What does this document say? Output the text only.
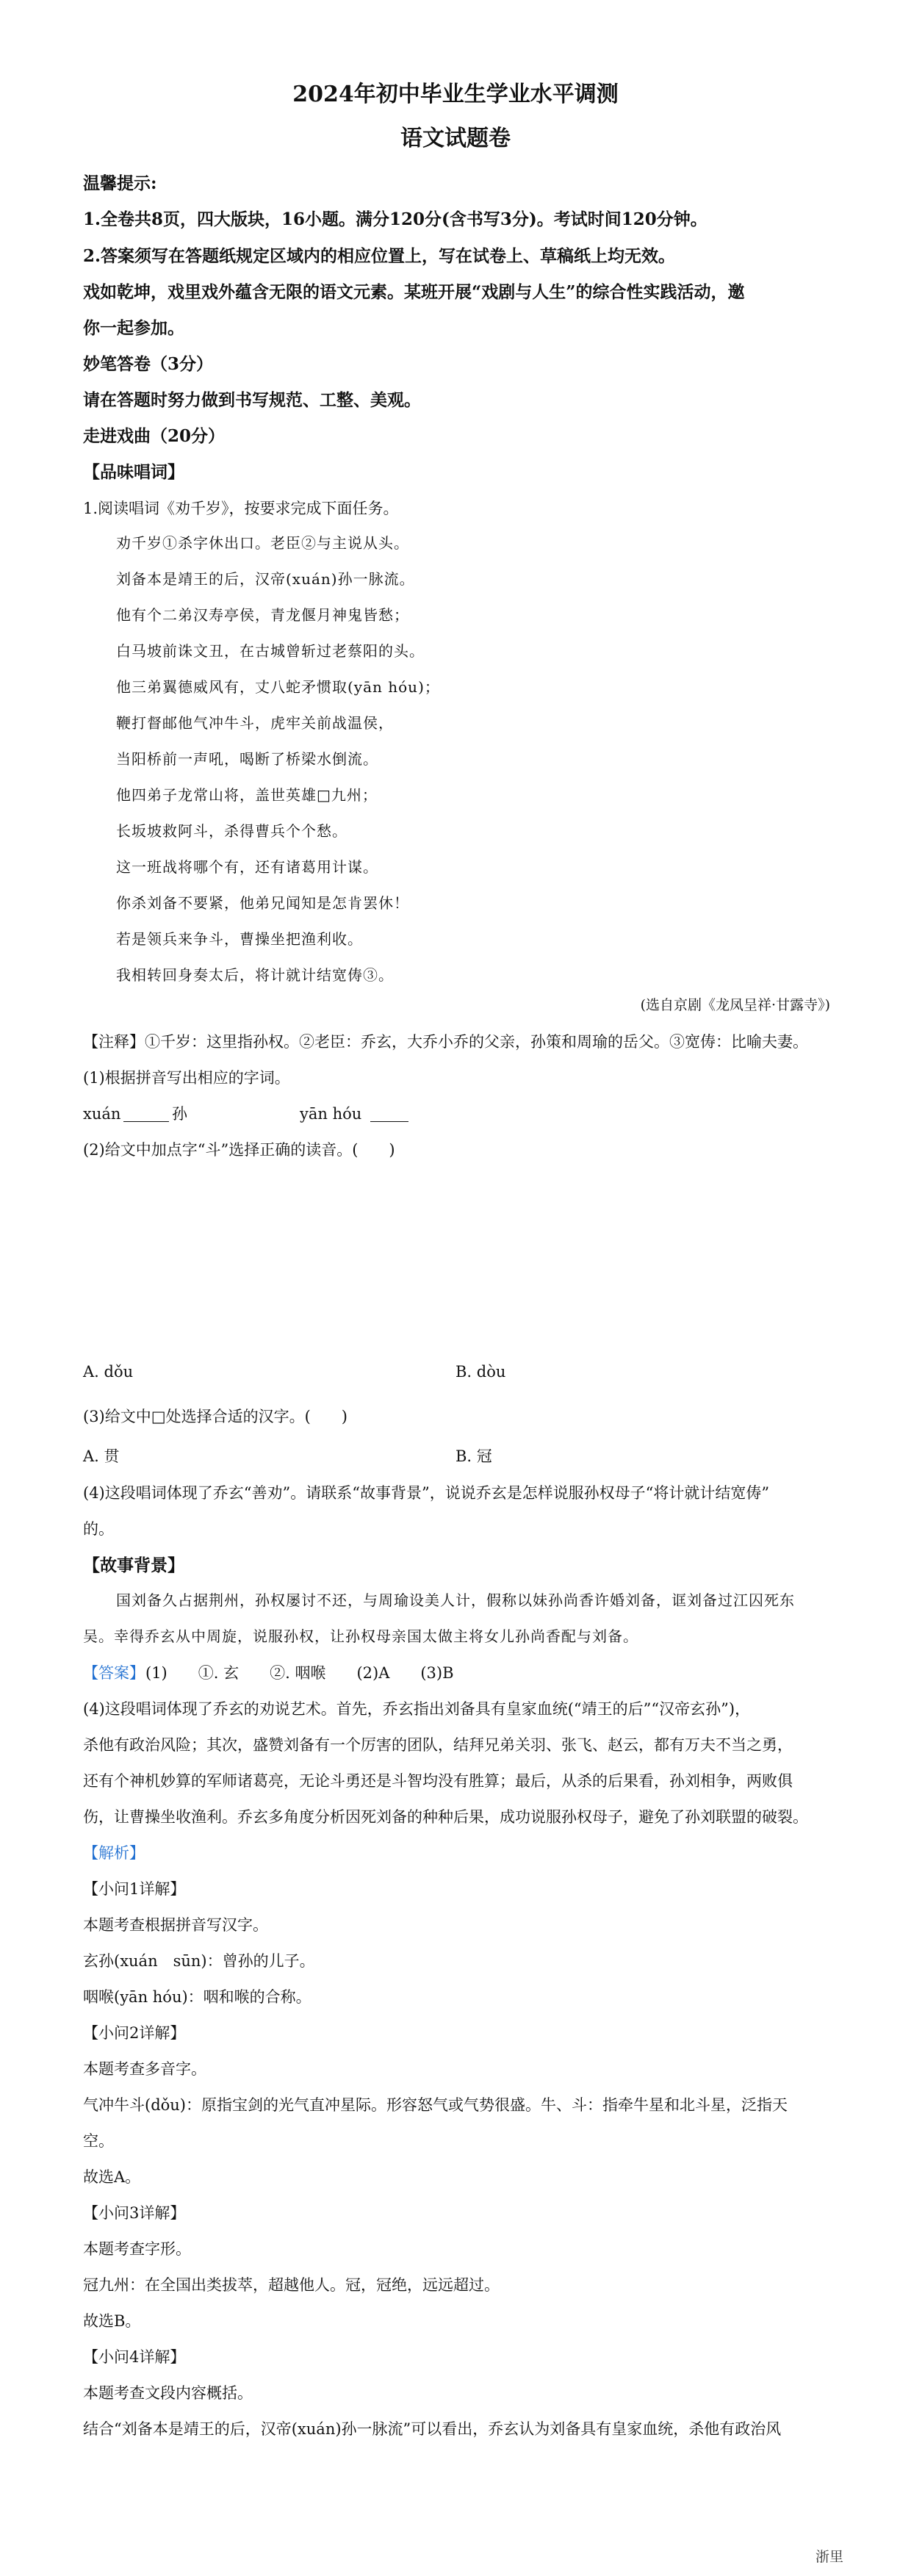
2024年初中毕业生学业水平调测
语文试题卷
温馨提示:
1.全卷共8页，四大版块，16小题。满分120分(含书写3分)。考试时间120分钟。
2.答案须写在答题纸规定区域内的相应位置上，写在试卷上、草稿纸上均无效。
戏如乾坤，戏里戏外蕴含无限的语文元素。某班开展“戏剧与人生”的综合性实践活动，邀
你一起参加。
妙笔答卷（3分）
请在答题时努力做到书写规范、工整、美观。
走进戏曲（20分）
【品味唱词】
1.阅读唱词《劝千岁》，按要求完成下面任务。
劝千岁①杀字休出口。老臣②与主说从头。
刘备本是靖王的后，汉帝(xuán)孙一脉流。
他有个二弟汉寿亭侯，青龙偃月神鬼皆愁；
白马坡前诛文丑，在古城曾斩过老蔡阳的头。
他三弟翼德威风有，丈八蛇矛惯取(yān hóu)；
鞭打督邮他气冲牛斗，虎牢关前战温侯，
当阳桥前一声吼，喝断了桥梁水倒流。
他四弟子龙常山将，盖世英雄□九州；
长坂坡救阿斗，杀得曹兵个个愁。
这一班战将哪个有，还有诸葛用计谋。
你杀刘备不要紧，他弟兄闻知是怎肯罢休！
若是领兵来争斗，曹操坐把渔利收。
我相转回身奏太后，将计就计结宽俦③。
(选自京剧《龙凤呈祥·甘露寺》)
【注释】①千岁：这里指孙权。②老臣：乔玄，大乔小乔的父亲，孙策和周瑜的岳父。③宽俦：比喻夫妻。
(1)根据拼音写出相应的字词。
xuán	孙	yān hóu
(2)给文中加点字“斗”选择正确的读音。(　　)
A. dǒu	B. dòu
(3)给文中□处选择合适的汉字。(　　)
A. 贯	B. 冠
(4)这段唱词体现了乔玄“善劝”。请联系“故事背景”，说说乔玄是怎样说服孙权母子“将计就计结宽俦”
的。
【故事背景】
国刘备久占据荆州，孙权屡讨不还，与周瑜设美人计，假称以妹孙尚香许婚刘备，诓刘备过江囚死东
吴。幸得乔玄从中周旋，说服孙权，让孙权母亲国太做主将女儿孙尚香配与刘备。
【答案】 (1)　　①. 玄　　②. 咽喉　　(2)A　　(3)B
(4)这段唱词体现了乔玄的劝说艺术。首先，乔玄指出刘备具有皇家血统(“靖王的后”“汉帝玄孙”)，
杀他有政治风险；其次，盛赞刘备有一个厉害的团队，结拜兄弟关羽、张飞、赵云，都有万夫不当之勇，
还有个神机妙算的军师诸葛亮，无论斗勇还是斗智均没有胜算；最后，从杀的后果看，孙刘相争，两败俱
伤，让曹操坐收渔利。乔玄多角度分析因死刘备的种种后果，成功说服孙权母子，避免了孙刘联盟的破裂。
【解析】
【小问1详解】
本题考查根据拼音写汉字。
玄孙(xuán　sūn)：曾孙的儿子。
咽喉(yān hóu)：咽和喉的合称。
【小问2详解】
本题考查多音字。
气冲牛斗(dǒu)：原指宝剑的光气直冲星际。形容怒气或气势很盛。牛、斗：指牵牛星和北斗星，泛指天
空。
故选A。
【小问3详解】
本题考查字形。
冠九州：在全国出类拔萃，超越他人。冠，冠绝，远远超过。
故选B。
【小问4详解】
本题考查文段内容概括。
结合“刘备本是靖王的后，汉帝(xuán)孙一脉流”可以看出，乔玄认为刘备具有皇家血统，杀他有政治风
浙里
